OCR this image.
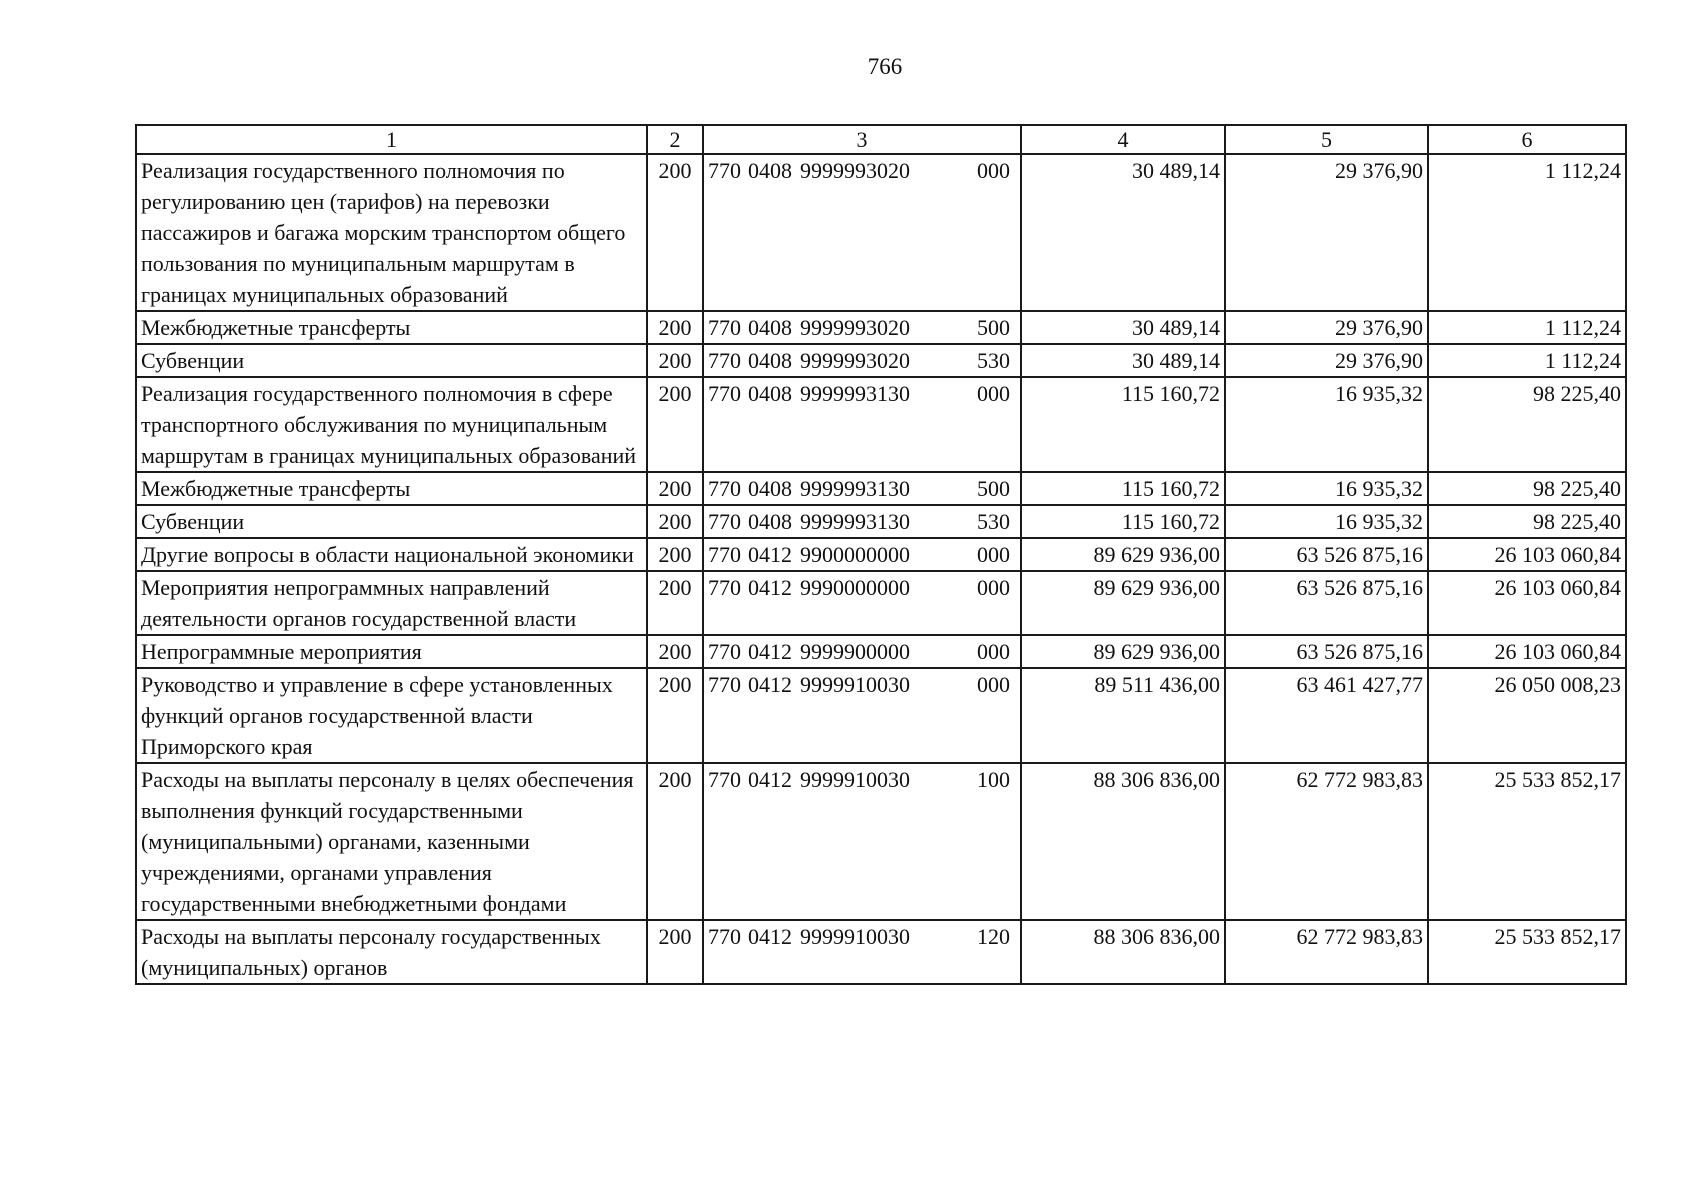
766
1	2	3	4	5	6
Реализация государственного полномочия по регулированию цен (тарифов) на перевозки пассажиров и багажа морским транспортом общего пользования по муниципальным маршрутам в границах муниципальных образований	200	770 0408 9999993020 000	30 489,14	29 376,90	1 112,24
Межбюджетные трансферты	200	770 0408 9999993020 500	30 489,14	29 376,90	1 112,24
Субвенции	200	770 0408 9999993020 530	30 489,14	29 376,90	1 112,24
Реализация государственного полномочия в сфере транспортного обслуживания по муниципальным маршрутам в границах муниципальных образований	200	770 0408 9999993130 000	115 160,72	16 935,32	98 225,40
Межбюджетные трансферты	200	770 0408 9999993130 500	115 160,72	16 935,32	98 225,40
Субвенции	200	770 0408 9999993130 530	115 160,72	16 935,32	98 225,40
Другие вопросы в области национальной экономики	200	770 0412 9900000000 000	89 629 936,00	63 526 875,16	26 103 060,84
Мероприятия непрограммных направлений деятельности органов государственной власти	200	770 0412 9990000000 000	89 629 936,00	63 526 875,16	26 103 060,84
Непрограммные мероприятия	200	770 0412 9999900000 000	89 629 936,00	63 526 875,16	26 103 060,84
Руководство и управление в сфере установленных функций органов государственной власти Приморского края	200	770 0412 9999910030 000	89 511 436,00	63 461 427,77	26 050 008,23
Расходы на выплаты персоналу в целях обеспечения выполнения функций государственными (муниципальными) органами, казенными учреждениями, органами управления государственными внебюджетными фондами	200	770 0412 9999910030 100	88 306 836,00	62 772 983,83	25 533 852,17
Расходы на выплаты персоналу государственных (муниципальных) органов	200	770 0412 9999910030 120	88 306 836,00	62 772 983,83	25 533 852,17
